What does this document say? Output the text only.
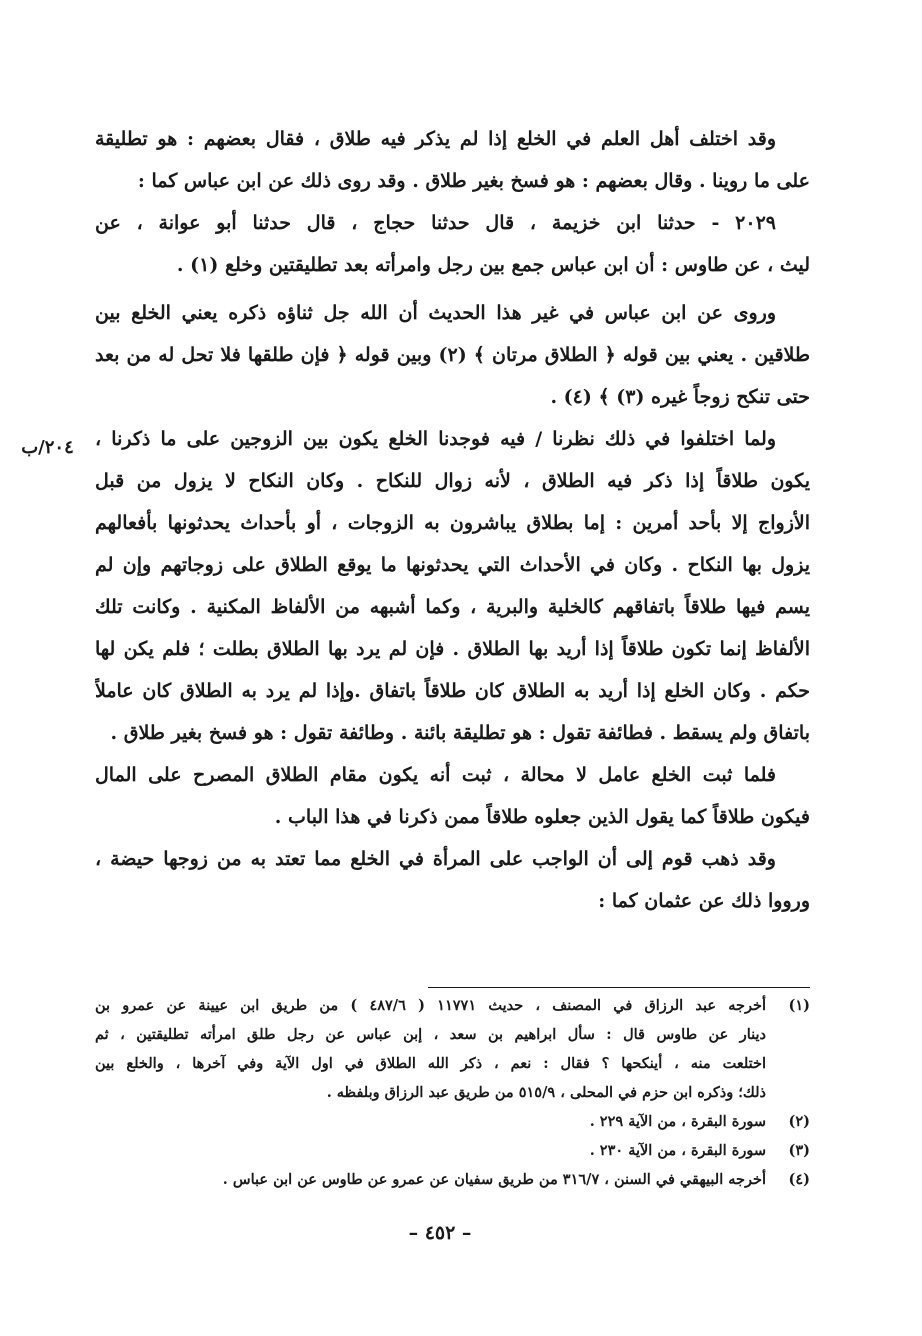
وقد اختلف أهل العلم في الخلع إذا لم يذكر فيه طلاق ، فقال بعضهم : هو تطليقة
على ما روينا . وقال بعضهم : هو فسخ بغير طلاق . وقد روى ذلك عن ابن عباس كما :
٢٠٢٩ - حدثنا ابن خزيمة ، قال حدثنا حجاج ، قال حدثنا أبو عوانة ، عن
ليث ، عن طاوس : أن ابن عباس جمع بين رجل وامرأته بعد تطليقتين وخلع (١) .
وروى عن ابن عباس في غير هذا الحديث أن الله جل ثناؤه ذكره يعني الخلع بين
طلاقين . يعني بين قوله ﴿ الطلاق مرتان ﴾ (٢) وبين قوله ﴿ فإن طلقها فلا تحل له من بعد
حتى تنكح زوجاً غيره (٣) ﴾ (٤) .
ولما اختلفوا في ذلك نظرنا / فيه فوجدنا الخلع يكون بين الزوجين على ما ذكرنا ،
يكون طلاقاً إذا ذكر فيه الطلاق ، لأنه زوال للنكاح . وكان النكاح لا يزول من قبل
الأزواج إلا بأحد أمرين : إما بطلاق يباشرون به الزوجات ، أو بأحداث يحدثونها بأفعالهم
يزول بها النكاح . وكان في الأحداث التي يحدثونها ما يوقع الطلاق على زوجاتهم وإن لم
يسم فيها طلاقاً باتفاقهم كالخلية والبرية ، وكما أشبهه من الألفاظ المكنية . وكانت تلك
الألفاظ إنما تكون طلاقاً إذا أريد بها الطلاق . فإن لم يرد بها الطلاق بطلت ؛ فلم يكن لها
حكم . وكان الخلع إذا أريد به الطلاق كان طلاقاً باتفاق .وإذا لم يرد به الطلاق كان عاملاً
باتفاق ولم يسقط . فطائفة تقول : هو تطليقة بائنة . وطائفة تقول : هو فسخ بغير طلاق .
فلما ثبت الخلع عامل لا محالة ، ثبت أنه يكون مقام الطلاق المصرح على المال
فيكون طلاقاً كما يقول الذين جعلوه طلاقاً ممن ذكرنا في هذا الباب .
وقد ذهب قوم إلى أن الواجب على المرأة في الخلع مما تعتد به من زوجها حيضة ،
ورووا ذلك عن عثمان كما :
٢٠٤/ب
(١)أخرجه عبد الرزاق في المصنف ، حديث ١١٧٧١ ( ٤٨٧/٦ ) من طريق ابن عيينة عن عمرو بن
دينار عن طاوس قال : سأل ابراهيم بن سعد ، إبن عباس عن رجل طلق امرأته تطليقتين ، ثم
اختلعت منه ، أينكحها ؟ فقال : نعم ، ذكر الله الطلاق في اول الآية وفي آخرها ، والخلع بين
ذلك؛ وذكره ابن حزم في المحلى ، ٥١٥/٩ من طريق عبد الرزاق وبلفظه .
(٢)سورة البقرة ، من الآية ٢٢٩ .
(٣)سورة البقرة ، من الآية ٢٣٠ .
(٤)أخرجه البيهقي في السنن ، ٣١٦/٧ من طريق سفيان عن عمرو عن طاوس عن ابن عباس .
– ٤٥٢ –
